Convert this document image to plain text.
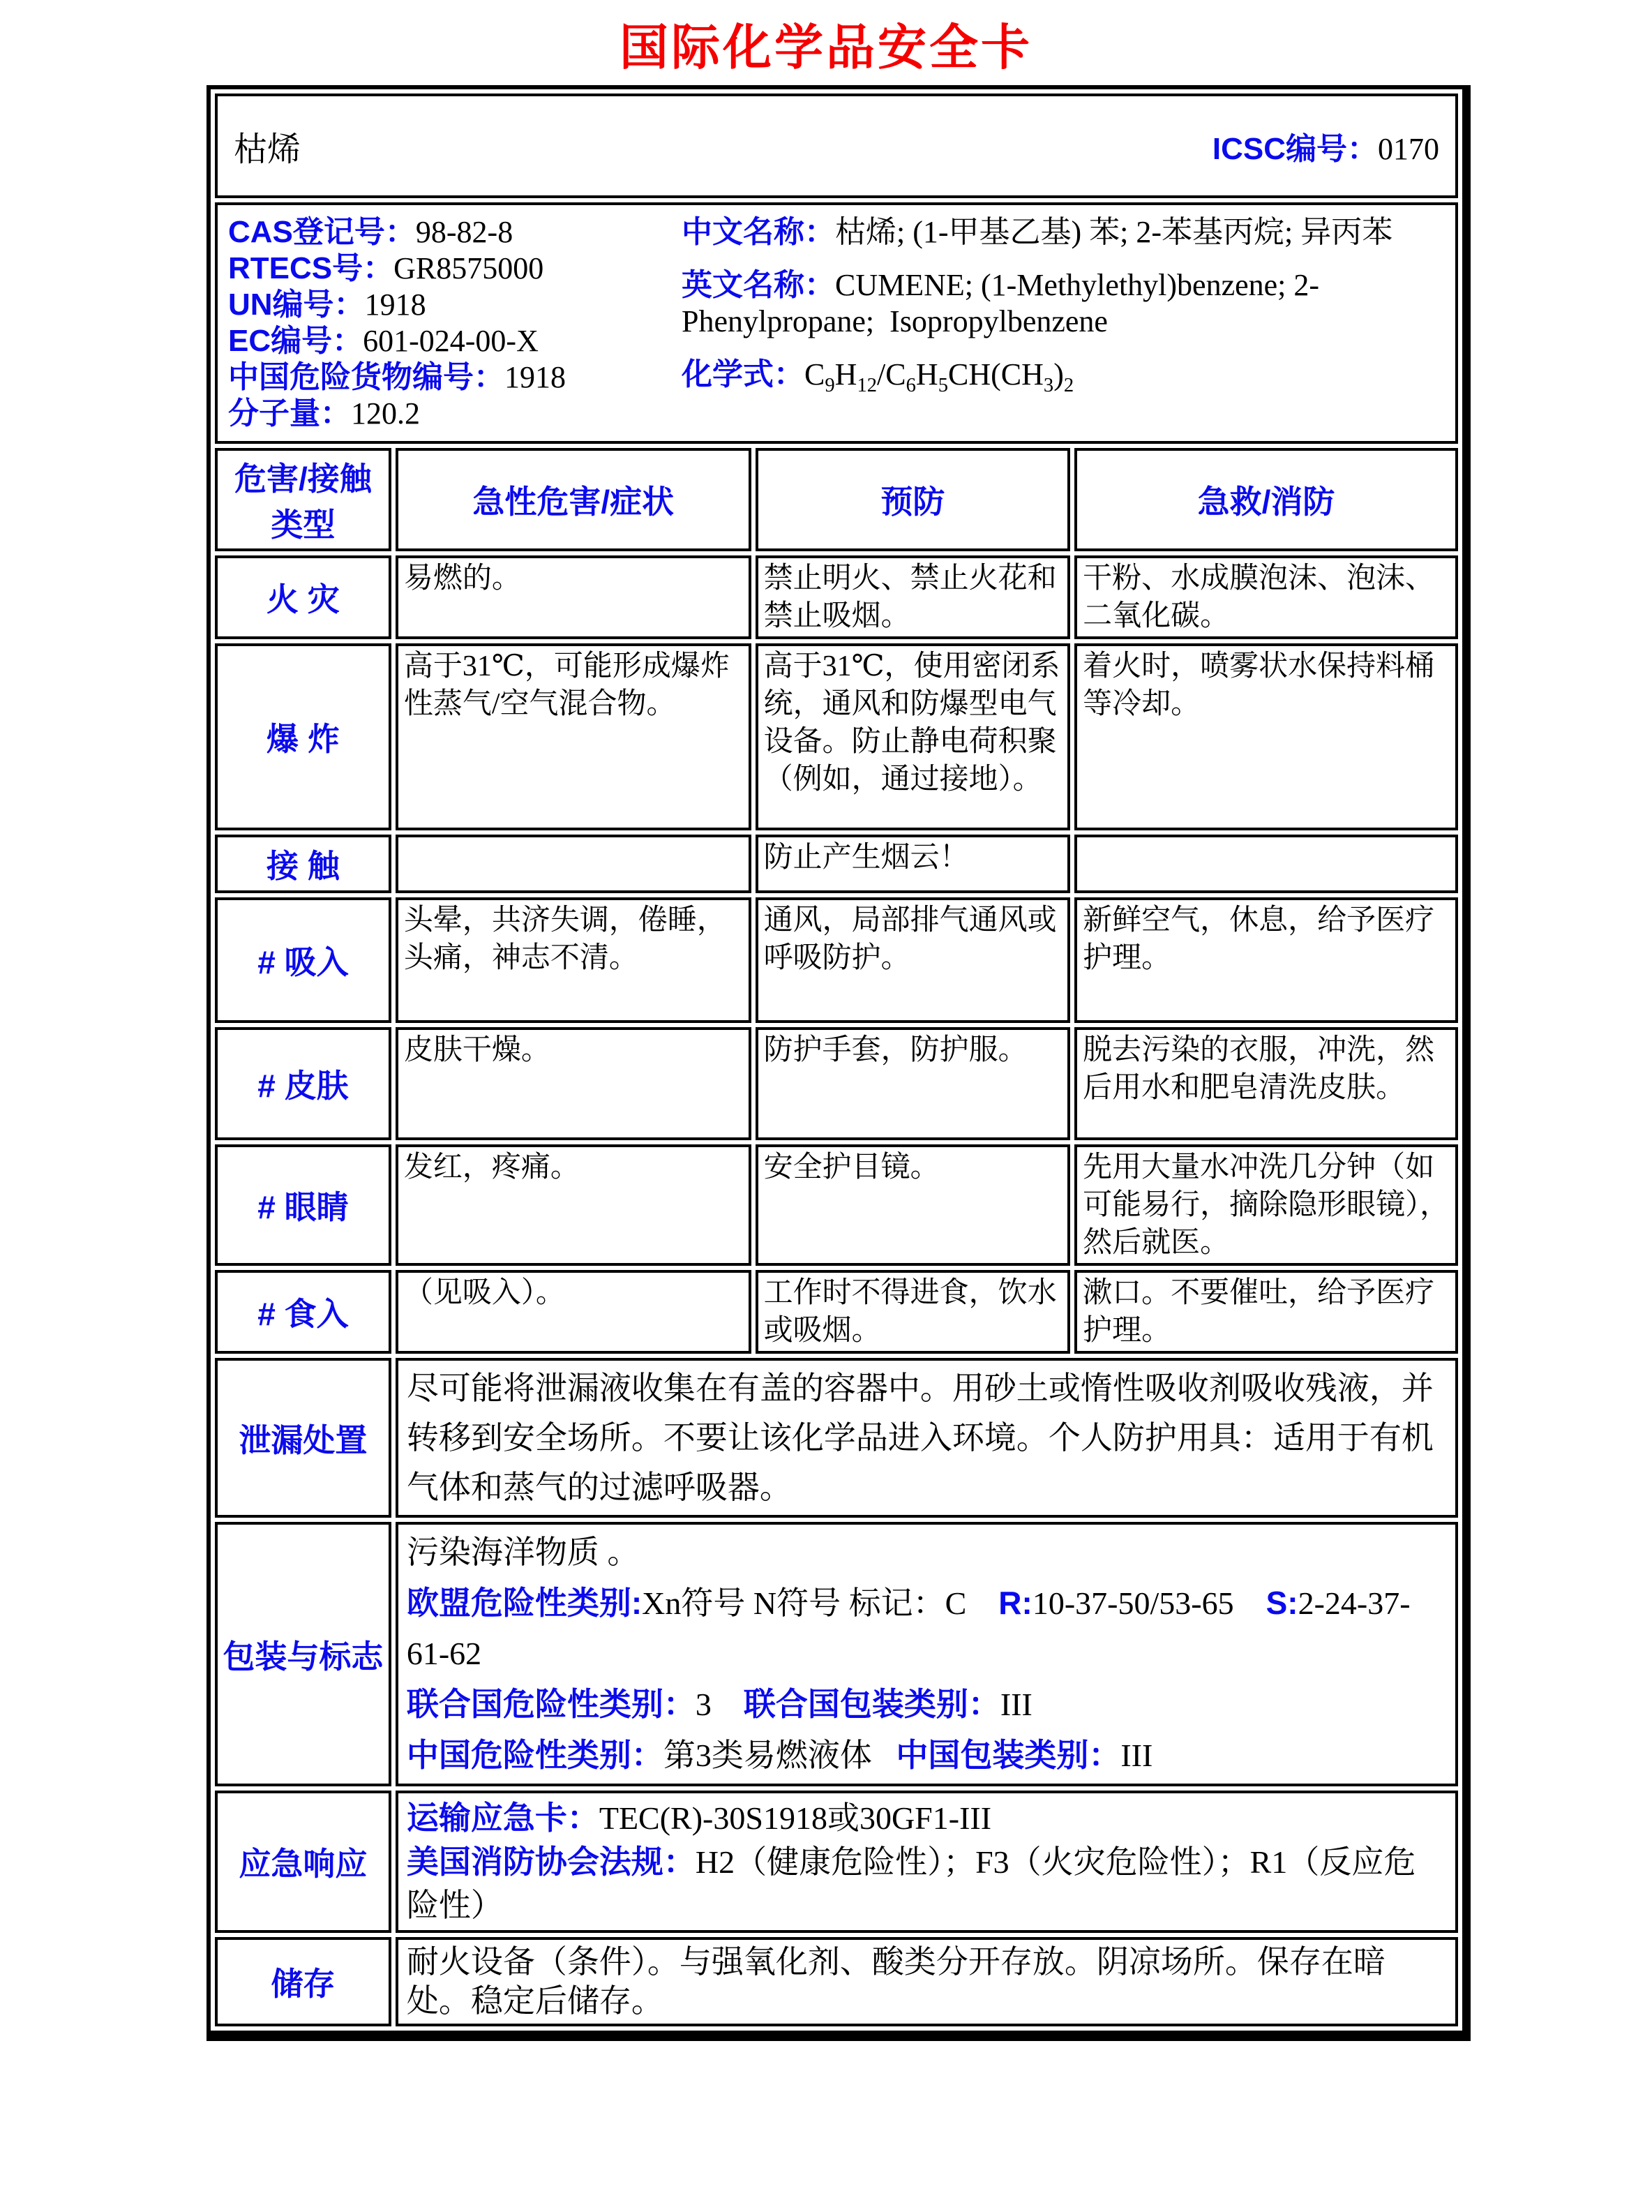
国际化学品安全卡
枯烯 ICSC编号：0170			

CAS登记号：98-82-8
RTECS号：GR8575000
UN编号：1918
EC编号：601-024-00-X
中国危险货物编号：1918
分子量：120.2
中文名称：枯烯; (1-甲基乙基) 苯; 2-苯基丙烷; 异丙苯
英文名称：CUMENE; (1-Methylethyl)benzene; 2-Phenylpropane;  Isopropylbenzene
化学式：$C_9H_{12}/C_6H_5CH(CH_3)_2$

危害/接触 类型	急性危害/症状	预防	急救/消防
火 灾	易燃的。	禁止明火、禁止火花和禁止吸烟。	干粉、水成膜泡沫、泡沫、二氧化碳。
爆 炸	高于31℃，可能形成爆炸性蒸气/空气混合物。	高于31℃，使用密闭系统，通风和防爆型电气设备。防止静电荷积聚（例如，通过接地）。	着火时，喷雾状水保持料桶等冷却。
接 触		防止产生烟云！	
# 吸入	头晕，共济失调，倦睡，头痛，神志不清。	通风，局部排气通风或呼吸防护。	新鲜空气，休息，给予医疗护理。
# 皮肤	皮肤干燥。	防护手套，防护服。	脱去污染的衣服，冲洗，然后用水和肥皂清洗皮肤。
# 眼睛	发红，疼痛。	安全护目镜。	先用大量水冲洗几分钟（如可能易行，摘除隐形眼镜），然后就医。
# 食入	（见吸入）。	工作时不得进食，饮水或吸烟。	漱口。不要催吐，给予医疗护理。
泄漏处置	尽可能将泄漏液收集在有盖的容器中。用砂土或惰性吸收剂吸收残液，并转移到安全场所。不要让该化学品进入环境。个人防护用具：适用于有机气体和蒸气的过滤呼吸器。		

包装与标志	污染海洋物质 。
欧盟危险性类别:Xn符号 N符号 标记：C    R:10-37-50/53-65    S:2-24-37-61-62
联合国危险性类别：3    联合国包装类别：III
中国危险性类别：第3类易燃液体   中国包装类别：III		

应急响应	运输应急卡：TEC(R)-30S1918或30GF1-III
美国消防协会法规：H2（健康危险性）；F3（火灾危险性）；R1（反应危险性）		

储存	耐火设备（条件）。与强氧化剂、酸类分开存放。阴凉场所。保存在暗处。稳定后储存。		
